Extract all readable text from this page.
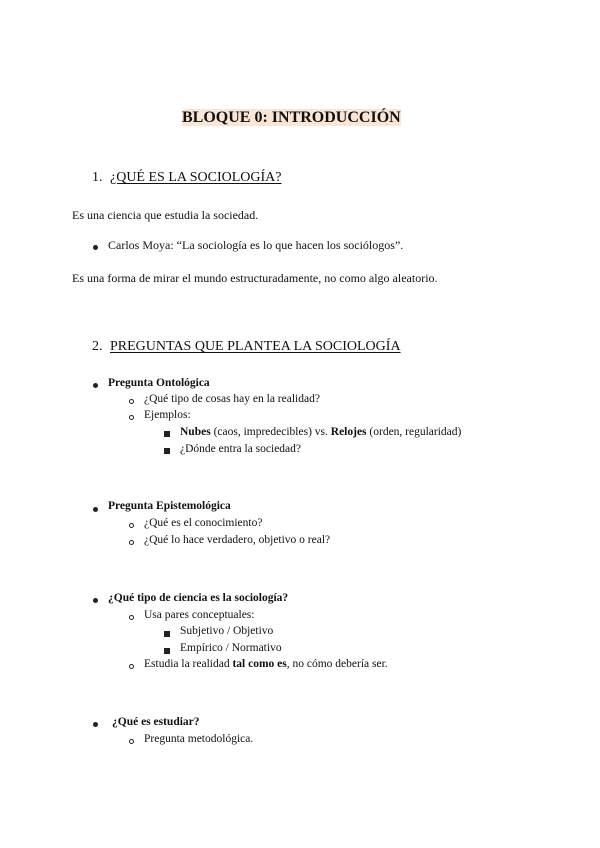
BLOQUE 0: INTRODUCCIÓN
1. ¿QUÉ ES LA SOCIOLOGÍA?
Es una ciencia que estudia la sociedad.
Carlos Moya: “La sociología es lo que hacen los sociólogos”.
Es una forma de mirar el mundo estructuradamente, no como algo aleatorio.
2. PREGUNTAS QUE PLANTEA LA SOCIOLOGÍA
Pregunta Ontológica
¿Qué tipo de cosas hay en la realidad?
Ejemplos:
Nubes (caos, impredecibles) vs. Relojes (orden, regularidad)
¿Dónde entra la sociedad?
Pregunta Epistemológica
¿Qué es el conocimiento?
¿Qué lo hace verdadero, objetivo o real?
¿Qué tipo de ciencia es la sociología?
Usa pares conceptuales:
Subjetivo / Objetivo
Empírico / Normativo
Estudia la realidad tal como es, no cómo debería ser.
¿Qué es estudiar?
Pregunta metodológica.
